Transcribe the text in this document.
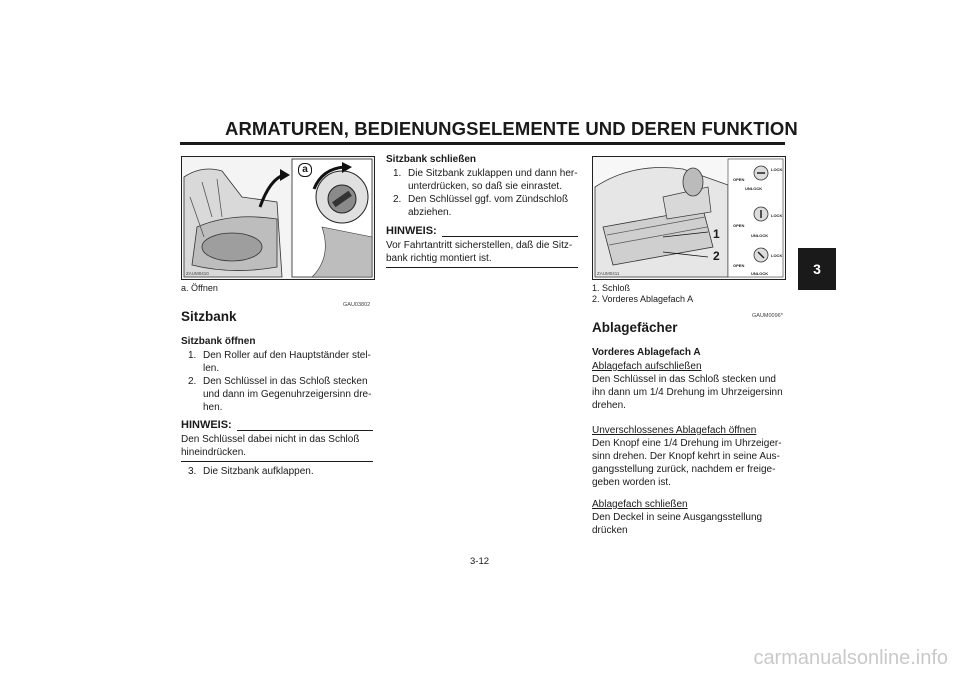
ARMATUREN, BEDIENUNGSELEMENTE UND DEREN FUNKTION
3
a
ZAUM0410
a. Öffnen
GAU03802
Sitzbank
Sitzbank öffnen
1. Den Roller auf den Hauptständer stel-
len.
2. Den Schlüssel in das Schloß stecken
und dann im Gegenuhrzeigersinn dre-
hen.
HINWEIS:
Den Schlüssel dabei nicht in das Schloß
hineindrücken.
3. Die Sitzbank aufklappen.
Sitzbank schließen
1. Die Sitzbank zuklappen und dann her-
unterdrücken, so daß sie einrastet.
2. Den Schlüssel ggf. vom Zündschloß
abziehen.
HINWEIS:
Vor Fahrtantritt sicherstellen, daß die Sitz-
bank richtig montiert ist.
1
2
LOCK
OPEN
UNLOCK
LOCK
OPEN
UNLOCK
LOCK
OPEN
UNLOCK
ZAUM0411
1. Schloß
2. Vorderes Ablagefach A
GAUM0096*
Ablagefächer
Vorderes Ablagefach A
Ablagefach aufschließen
Den Schlüssel in das Schloß stecken und
ihn dann um 1/4 Drehung im Uhrzeigersinn
drehen.
Unverschlossenes Ablagefach öffnen
Den Knopf eine 1/4 Drehung im Uhrzeiger-
sinn drehen. Der Knopf kehrt in seine Aus-
gangsstellung zurück, nachdem er freige-
geben worden ist.
Ablagefach schließen
Den Deckel in seine Ausgangsstellung
drücken
3-12
carmanualsonline.info
